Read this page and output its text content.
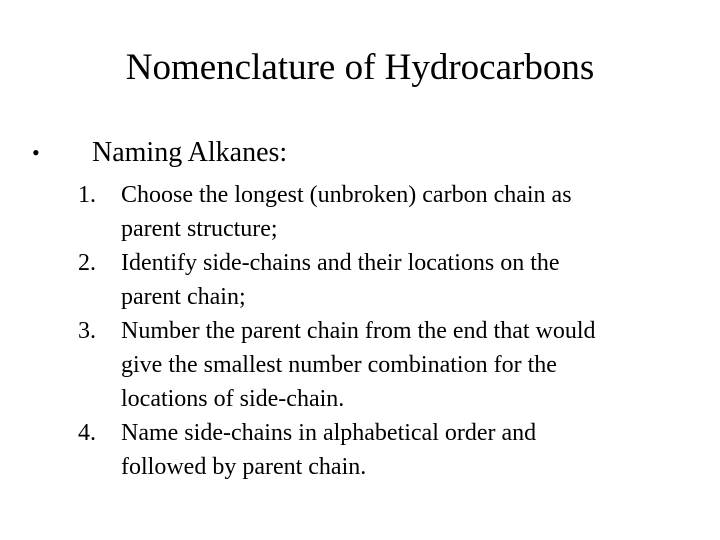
Nomenclature of Hydrocarbons
•	Naming Alkanes:
1.	Choose the longest (unbroken) carbon chain as
parent structure;
2.	Identify side-chains and their locations on the
parent chain;
3.	Number the parent chain from the end that would
give the smallest number combination for the
locations of side-chain.
4.	Name side-chains in alphabetical order and
followed by parent chain.
